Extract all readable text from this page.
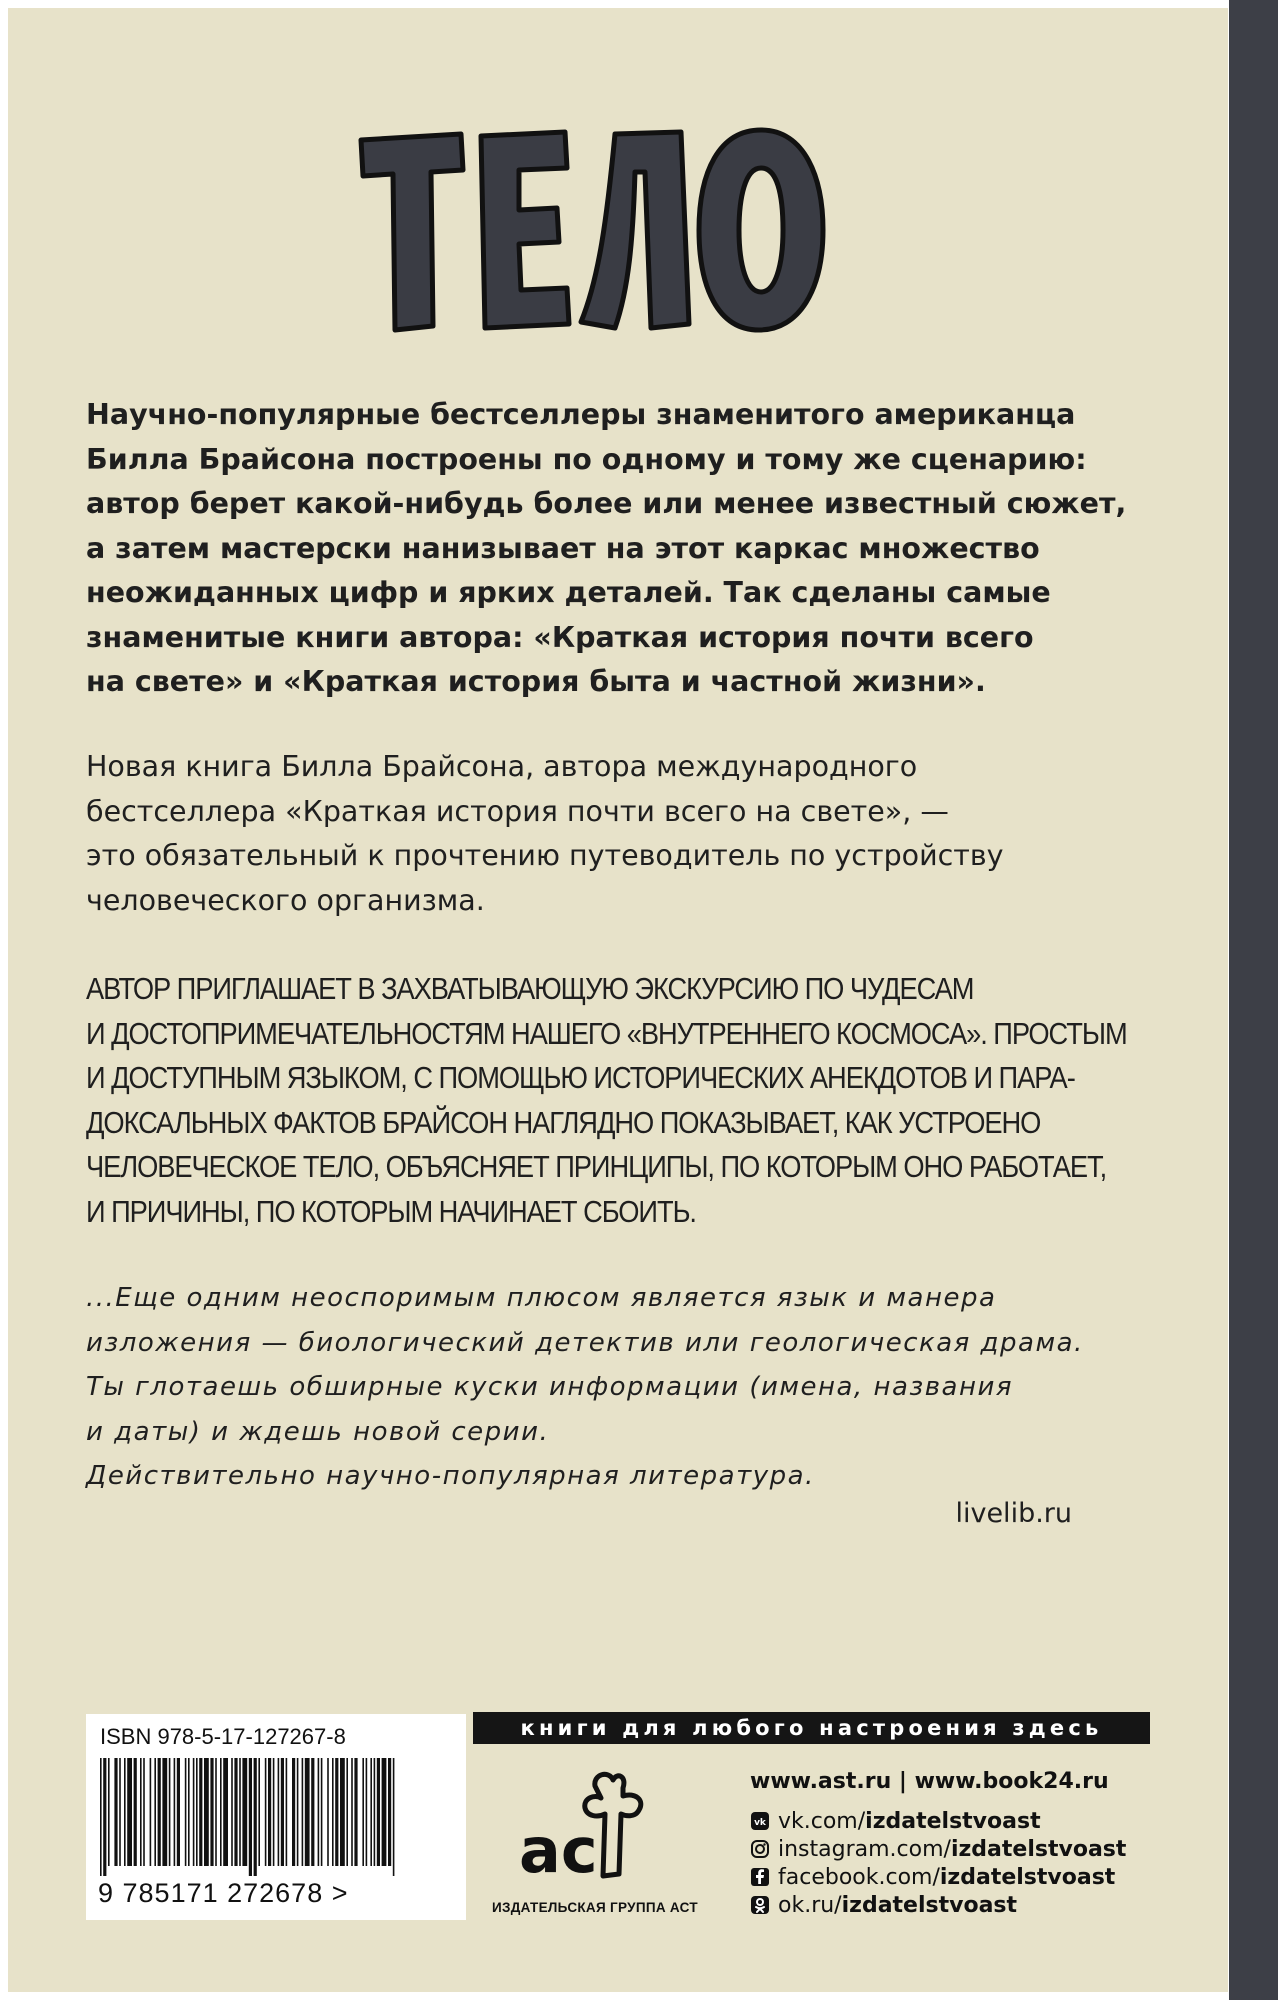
Научно-популярные бестселлеры знаменитого американца

Билла Брайсона построены по одному и тому же сценарию:

автор берет какой-нибудь более или менее известный сюжет,

а затем мастерски нанизывает на этот каркас множество

неожиданных цифр и ярких деталей. Так сделаны самые

знаменитые книги автора: «Краткая история почти всего

на свете» и «Краткая история быта и частной жизни».

Новая книга Билла Брайсона, автора международного

бестселлера «Краткая история почти всего на свете», —

это обязательный к прочтению путеводитель по устройству

человеческого организма.

АВТОР ПРИГЛАШАЕТ В ЗАХВАТЫВАЮЩУЮ ЭКСКУРСИЮ ПО ЧУДЕСАМ

И ДОСТОПРИМЕЧАТЕЛЬНОСТЯМ НАШЕГО «ВНУТРЕННЕГО КОСМОСА». ПРОСТЫМ

И ДОСТУПНЫМ ЯЗЫКОМ, С ПОМОЩЬЮ ИСТОРИЧЕСКИХ АНЕКДОТОВ И ПАРА-

ДОКСАЛЬНЫХ ФАКТОВ БРАЙСОН НАГЛЯДНО ПОКАЗЫВАЕТ, КАК УСТРОЕНО

ЧЕЛОВЕЧЕСКОЕ ТЕЛО, ОБЪЯСНЯЕТ ПРИНЦИПЫ, ПО КОТОРЫМ ОНО РАБОТАЕТ,

И ПРИЧИНЫ, ПО КОТОРЫМ НАЧИНАЕТ СБОИТЬ.

...Еще одним неоспоримым плюсом является язык и манера

изложения — биологический детектив или геологическая драма.

Ты глотаешь обширные куски информации (имена, названия

и даты) и ждешь новой серии.

Действительно научно-популярная литература.

livelib.ru
ISBN 978-5-17-127267-8
9 785171 272678 >
книги для любого настроения здесь
ас
ИЗДАТЕЛЬСКАЯ ГРУППА АСТ
www.ast.ru | www.book24.ru
vk vk.com/izdatelstvoast
instagram.com/izdatelstvoast
facebook.com/izdatelstvoast
ok.ru/izdatelstvoast
